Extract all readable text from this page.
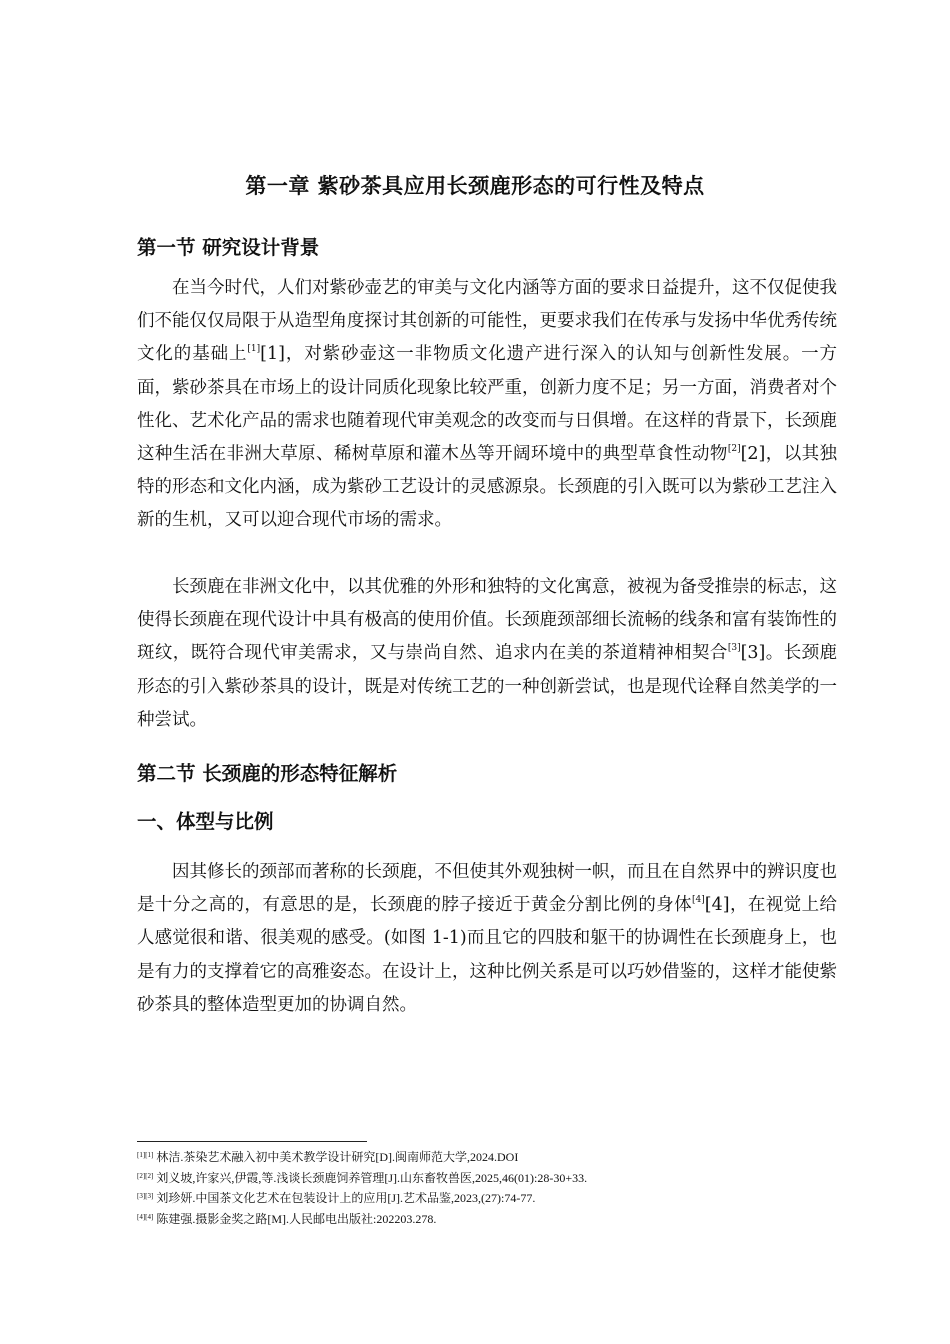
第一章 紫砂茶具应用长颈鹿形态的可行性及特点
第一节 研究设计背景

在当今时代，人们对紫砂壶艺的审美与文化内涵等方面的要求日益提升，这不仅促使我们不能仅仅局限于从造型角度探讨其创新的可能性，更要求我们在传承与发扬中华优秀传统文化的基础上[1][1]，对紫砂壶这一非物质文化遗产进行深入的认知与创新性发展。一方面，紫砂茶具在市场上的设计同质化现象比较严重，创新力度不足；另一方面，消费者对个性化、艺术化产品的需求也随着现代审美观念的改变而与日俱增。在这样的背景下，长颈鹿这种生活在非洲大草原、稀树草原和灌木丛等开阔环境中的典型草食性动物[2][2]，以其独特的形态和文化内涵，成为紫砂工艺设计的灵感源泉。长颈鹿的引入既可以为紫砂工艺注入新的生机，又可以迎合现代市场的需求。

长颈鹿在非洲文化中，以其优雅的外形和独特的文化寓意，被视为备受推崇的标志，这使得长颈鹿在现代设计中具有极高的使用价值。长颈鹿颈部细长流畅的线条和富有装饰性的斑纹，既符合现代审美需求，又与崇尚自然、追求内在美的茶道精神相契合[3][3]。长颈鹿形态的引入紫砂茶具的设计，既是对传统工艺的一种创新尝试，也是现代诠释自然美学的一种尝试。

第二节 长颈鹿的形态特征解析
一、体型与比例

因其修长的颈部而著称的长颈鹿，不但使其外观独树一帜，而且在自然界中的辨识度也是十分之高的，有意思的是，长颈鹿的脖子接近于黄金分割比例的身体[4][4]，在视觉上给人感觉很和谐、很美观的感受。(如图 1-1)而且它的四肢和躯干的协调性在长颈鹿身上，也是有力的支撑着它的高雅姿态。在设计上，这种比例关系是可以巧妙借鉴的，这样才能使紫砂茶具的整体造型更加的协调自然。

[1][1] 林洁.茶染艺术融入初中美术教学设计研究[D].闽南师范大学,2024.DOI
[2][2] 刘义坡,许家兴,伊霞,等.浅谈长颈鹿饲养管理[J].山东畜牧兽医,2025,46(01):28-30+33.
[3][3] 刘珍妍.中国茶文化艺术在包装设计上的应用[J].艺术品鉴,2023,(27):74-77.
[4][4] 陈建强.摄影金奖之路[M].人民邮电出版社:202203.278.
